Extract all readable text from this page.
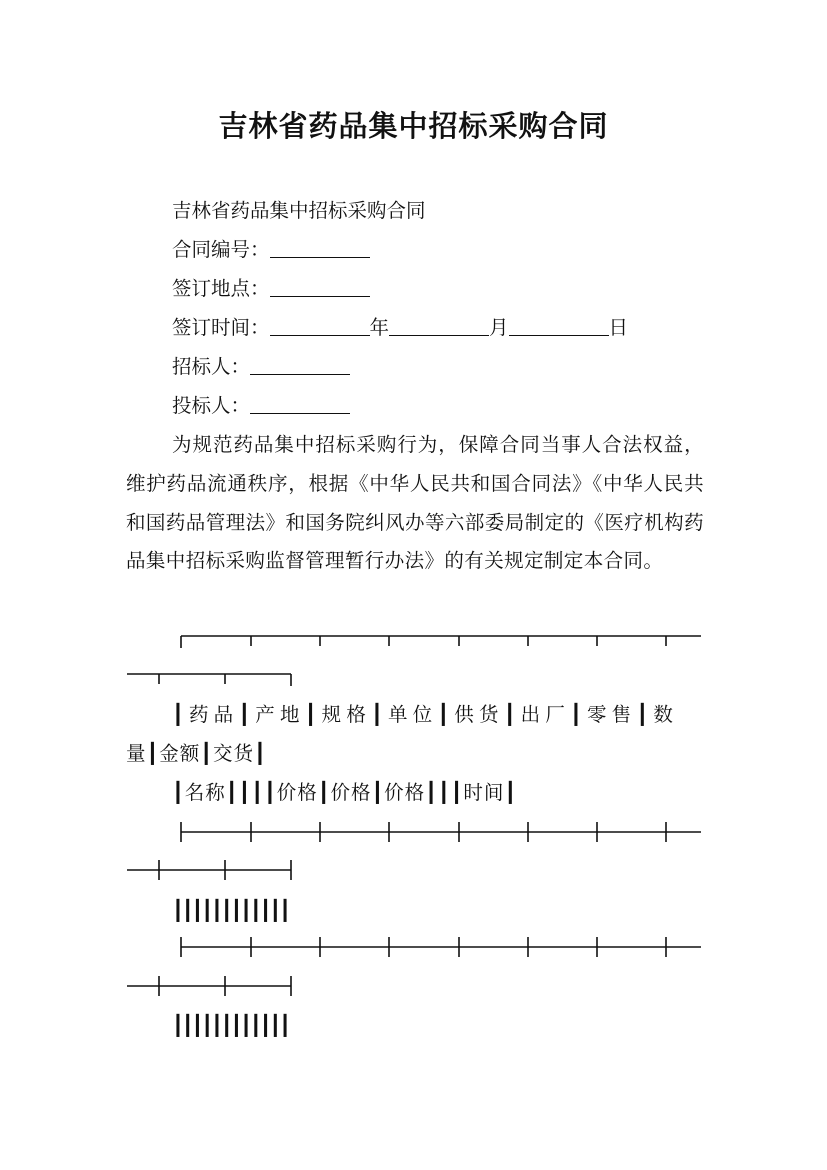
吉林省药品集中招标采购合同
吉林省药品集中招标采购合同
合同编号：
签订地点：
签订时间：	年	月	日
招标人：
投标人：
为规范药品集中招标采购行为，保障合同当事人合法权益，维护药品流通秩序，根据《中华人民共和国合同法》《中华人民共和国药品管理法》和国务院纠风办等六部委局制定的《医疗机构药品集中招标采购监督管理暂行办法》的有关规定制定本合同。
┃药品┃产地┃规格┃单位┃供货┃出厂┃零售┃数
量┃金额┃交货┃
┃名称┃┃┃┃价格┃价格┃价格┃┃┃时间┃
┃┃┃┃┃┃┃┃┃┃┃┃
┃┃┃┃┃┃┃┃┃┃┃┃
